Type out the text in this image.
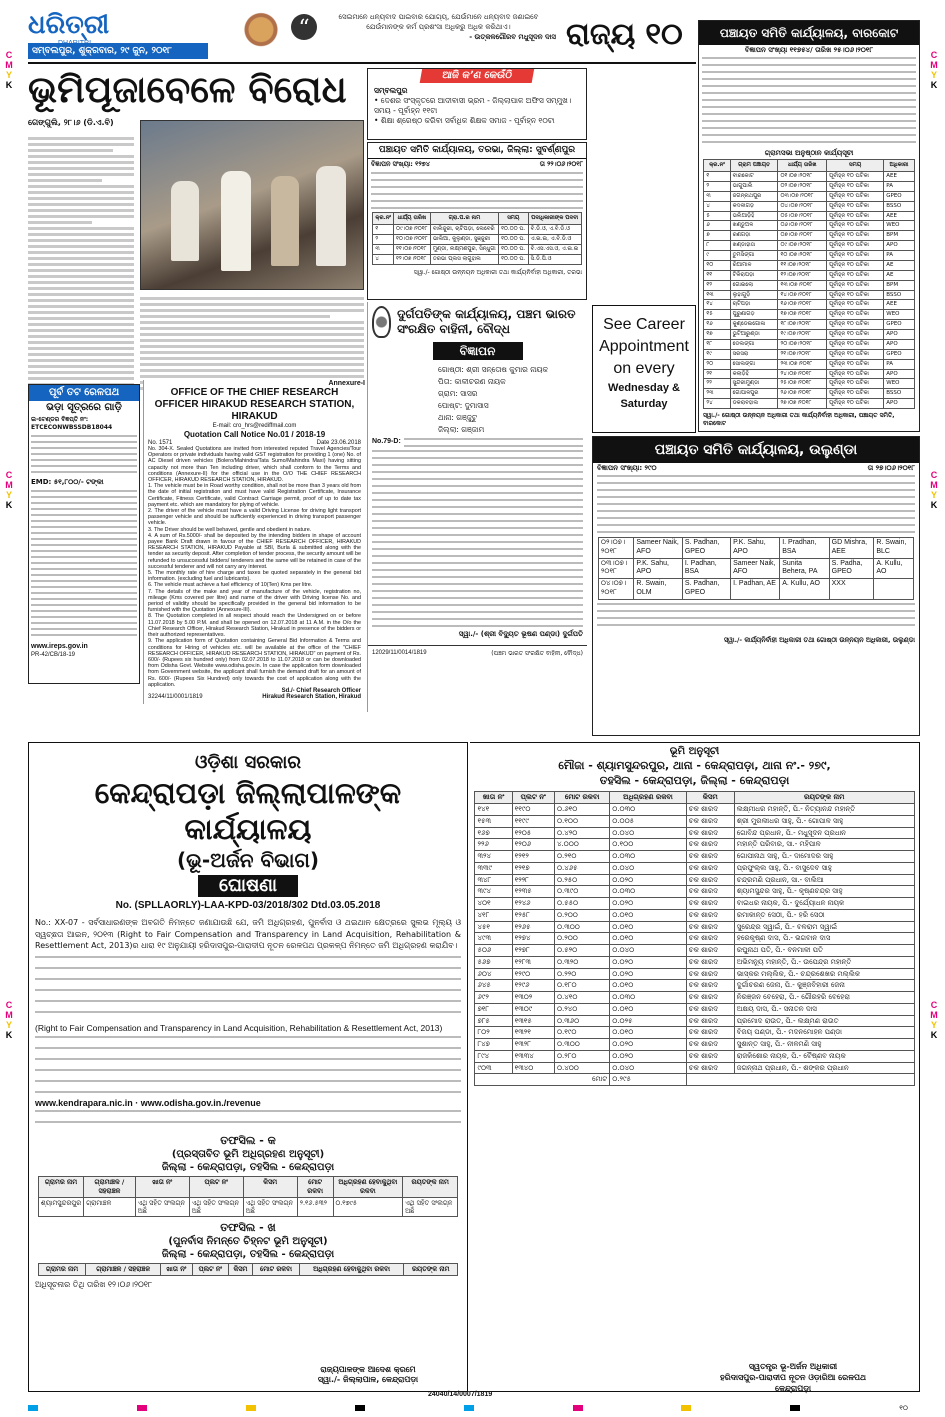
C
M
Y
K
C
M
Y
K
C
M
Y
K
C
M
Y
K
C
M
Y
K
C
M
Y
K
ଧରିତ୍ରୀ	“	ସେଇମାନେ ଧନ୍ୟବାଦ ପାଇବାର ଯୋଗ୍ୟ, ଯେଉଁମାନେ ଧନ୍ୟବାଦ ଜଣାଇବେ ଯେଉଁମାନଙ୍କ କର୍ମ ପ୍ରଶଂସା ଅଧିକରୁ ଅଧିକ କରିଥାଏ।
- ଉତ୍କଳଗୌରବ ମଧୁସୂଦନ ଦାସ ରାଜ୍ୟ ୧୦
ସମ୍ବଲପୁର, ଶୁକ୍ରବାର, ୨୯ ଜୁନ, ୨୦୧୮
ଭୂମିପୂଜାବେଳେ ବିରୋଧ
ଗେଙ୍ଗୁଲି, ୨୮।୬ (ଡି.ଏ.ବି)
ଆଜି କ’ଣ କେଉଁଠି
ସମ୍ବଲପୁର
• ଦେଶର ସଂସ୍କୃତରେ ଆଦୀବାସୀ ଭ୍ରମ - ଜିଲ୍ଲାପାଳ ଅଫିସ ସମ୍ମୁଖ। ସମୟ - ପୂର୍ବାହ୍ନ ୧୧ଟା
• ଶିକ୍ଷା ଶ୍ରେଷ୍ଠ କରିବା ସର୍ବାଧିକ ଶିକ୍ଷକ ସମାଜ - ପୂର୍ବାହ୍ନ ୧୦ଟା
ପଞ୍ଚାୟତ ସମିତି କାର୍ଯ୍ୟାଳୟ, ତରଭା, ଜିଲ୍ଲା: ସୁବର୍ଣ୍ଣପୁର
ବିଜ୍ଞାପନ ସଂଖ୍ୟା: ୧୨୭୪	ତା ୨୨।୦୬।୨୦୧୮
କ୍ର.ନଂ	ଧାର୍ଯ୍ୟ ତାରିଖ	ଗ୍ରା.ପ.ର ନାମ	ସମୟ	ପଦାଧିକାରୀଙ୍କ ପଦବୀ
୧	୦୯।୦୭।୨୦୧୮	ବାଲିଜୁରୀ, ଚାଟିପଡ଼ା, ଲେବେରି	୧୦.୦୦ ଘ.	ବି.ଡି.ଓ, ଏ.ବି.ଡି.ଓ
୨	୧୦।୦୭।୨୦୧୮	ଭାଲିଆ, କୁଲୁଣ୍ଡା, ସୁଞ୍ଜୁରୀ	୧୦.୦୦ ଘ.	ଏ.ଇ.ଇ, ଏ.ବି.ଡି.ଓ
୩	୧୧।୦୭।୨୦୧୮	ମୁଣ୍ଡୀ, ଲକ୍ଷ୍ମଣପୁର, ସିନ୍ଧୁଗୀ	୧୦.୦୦ ଘ.	ବି.ଏସ.ଏସ.ଓ, ଏ.ଇ.ଇ
୪	୧୨।୦୭।୨୦୧୮	ତରଭା ପ୍ଲସ ଲାଗୁହାଲ	୧୦.୦୦ ଘ.	ସି.ଡି.ପି.ଓ
ସ୍ୱା./- ଗୋଷ୍ଠୀ ଉନ୍ନୟନ ଅଧିକାରୀ ତଥା କାର୍ଯ୍ୟନିର୍ବାହୀ ଅଧିକାରୀ, ତରଭା
ପଞ୍ଚାୟତ ସମିତି କାର୍ଯ୍ୟାଳୟ, ବାରକୋଟ
ବିଜ୍ଞାପନ ସଂଖ୍ୟା ୧୧୭୫୪/ ତାରିଖ ୨୫।୦୬।୨୦୧୮
ଗ୍ରାମସଭା ଅନୁଷ୍ଠାନ କାର୍ଯ୍ୟସୂଚୀ
କ୍ର.ନଂ	ଗ୍ରାମ ପଞ୍ଚାୟତ	ଧାର୍ଯ୍ୟ ତାରିଖ	ସମୟ	ଅଧିକାରୀ
୧	ବାରକୋଟ	୦୧।୦୭।୨୦୧୮	ପୂର୍ବାହ୍ନ ୧୦ ଘଟିକା	AEE
୨	ଭାଗୁପାଲି	୦୨।୦୭।୨୦୧୮	ପୂର୍ବାହ୍ନ ୧୦ ଘଟିକା	PA
୩	ଜଗନ୍ନାଥପୁର	୦୩।୦୭।୨୦୧୮	ପୂର୍ବାହ୍ନ ୧୦ ଘଟିକା	GPEO
୪	କଦଳୀଗଡ଼	୦୪।୦୭।୨୦୧୮	ପୂର୍ବାହ୍ନ ୧୦ ଘଟିକା	BSSO
୫	ଭଲିଆଡ଼ିହି	୦୫।୦୭।୨୦୧୮	ପୂର୍ବାହ୍ନ ୧୦ ଘଟିକା	AEE
୬	ଖଣ୍ଡୁଅଳ	୦୬।୦୭।୨୦୧୮	ପୂର୍ବାହ୍ନ ୧୦ ଘଟିକା	WEO
୭	ରଣଗଡ଼ା	୦୭।୦୭।୨୦୧୮	ପୂର୍ବାହ୍ନ ୧୦ ଘଟିକା	BPM
୮	ଖଣ୍ଡାହାତା	୦୯।୦୭।୨୦୧୮	ପୂର୍ବାହ୍ନ ୧୦ ଘଟିକା	APO
୯	ତୁମସିଙ୍ଗା	୧୦।୦୭।୨୦୧୮	ପୂର୍ବାହ୍ନ ୧୦ ଘଟିକା	PA
୧୦	ରିଆମାଳ	୧୧।୦୭।୨୦୧୮	ପୂର୍ବାହ୍ନ ୧୦ ଘଟିକା	AE
୧୧	ଟିକିରାପଡ଼ା	୧୨।୦୭।୨୦୧୮	ପୂର୍ବାହ୍ନ ୧୦ ଘଟିକା	AE
୧୨	ଗୋଇଲୋ	୧୩।୦୭।୨୦୧୮	ପୂର୍ବାହ୍ନ ୧୦ ଘଟିକା	BPM
୧୩	ଲୁହାଗୁଡ଼ି	୧୪।୦୭।୨୦୧୮	ପୂର୍ବାହ୍ନ ୧୦ ଘଟିକା	BSSO
୧୪	ଚାଟିପଡ଼ା	୧୬।୦୭।୨୦୧୮	ପୂର୍ବାହ୍ନ ୧୦ ଘଟିକା	AEE
୧୫	ପୁରୁଣାଗଡ଼	୧୭।୦୭।୨୦୧୮	ପୂର୍ବାହ୍ନ ୧୦ ଘଟିକା	WEO
୧୬	କୁଣ୍ଡେଇଗୋଳା	୧୮।୦୭।୨୦୧୮	ପୂର୍ବାହ୍ନ ୧୦ ଘଟିକା	GPEO
୧୭	ଭୁଟିଆରୁଣ୍ଡା	୧୯।୦୭।୨୦୧୮	ପୂର୍ବାହ୍ନ ୧୦ ଘଟିକା	APO
୧୮	ଡେଲଙ୍ଗା	୨୦।୦୭।୨୦୧୮	ପୂର୍ବାହ୍ନ ୧୦ ଘଟିକା	APO
୧୯	ସରସରା	୨୧।୦୭।୨୦୧୮	ପୂର୍ବାହ୍ନ ୧୦ ଘଟିକା	GPEO
୨୦	ସୋଲଙ୍ଗା	୨୩।୦୭।୨୦୧୮	ପୂର୍ବାହ୍ନ ୧୦ ଘଟିକା	PA
୨୧	କଲାଡ଼ିହି	୨୪।୦୭।୨୦୧୮	ପୂର୍ବାହ୍ନ ୧୦ ଘଟିକା	APO
୨୨	ସୁନ୍ଦରୀମୁଣ୍ଡା	୨୫।୦୭।୨୦୧୮	ପୂର୍ବାହ୍ନ ୧୦ ଘଟିକା	WEO
୨୩	ଗୋପାଳପୁର	୨୬।୦୭।୨୦୧୮	ପୂର୍ବାହ୍ନ ୧୦ ଘଟିକା	BSSO
୨୪	ଡକରାବହାଲ	୨୭।୦୭।୨୦୧୮	ପୂର୍ବାହ୍ନ ୧୦ ଘଟିକା	APO
ସ୍ୱା./- ଗୋଷ୍ଠୀ ଉନ୍ନୟନ ଅଧିକାରୀ ତଥା କାର୍ଯ୍ୟନିର୍ବାହୀ ଅଧିକାରୀ, ପଞ୍ଚାୟତ ସମିତି, ବାରକୋଟ
ପୂର୍ବ ତଟ ରେଳପଥ
ଭଡ଼ା ସୂତ୍ରରେ ଗାଡ଼ି
ଇ-ଟେଣ୍ଡର ବିଜ୍ଞପ୍ତି ନଂ: ETCECONWBSSDB18044
EMD: ୫୧,୮୦୦/- ଟଙ୍କା
www.ireps.gov.in
PR-42/CB/18-19
Annexure-I
OFFICE OF THE CHIEF RESEARCH OFFICER HIRAKUD RESEARCH STATION, HIRAKUD
E-mail: cro_hrs@rediffmail.com
Quotation Call Notice No.01 / 2018-19
No. 1571	Date 23.06.2018
No. 304-X. Sealed Quotations are invited from interested reputed Travel Agencies/Tour Operators or private individuals having valid GST registration for providing 1 (one) No. of AC Diesel driven vehicles (Bolero/Mahindra/Tata Sumo/Mahindra Maxi) having sitting capacity not more than Ten including driver, which shall conform to the Terms and conditions (Annexure-II) for the official use in the O/O THE CHIEF RESEARCH OFFICER, HIRAKUD RESEARCH STATION, HIRAKUD.
1. The vehicle must be in Road worthy condition, shall not be more than 3 years old from the date of initial registration and must have valid Registration Certificate, Insurance Certificate, Fitness Certificate, valid Contract Carriage permit, proof of up to date tax payment etc. which are mandatory for plying of vehicle.
2. The driver of the vehicle must have a valid Driving License for driving light transport passenger vehicle and should be sufficiently experienced in driving transport passenger vehicle.
3. The Driver should be well behaved, gentle and obedient in nature.
4. A sum of Rs.5000/- shall be deposited by the intending bidders in shape of account payee Bank Draft drawn in favour of the CHIEF RESEARCH OFFICER, HIRAKUD RESEARCH STATION, HIRAKUD Payable at SBI, Burla & submitted along with the tender as security deposit. After completion of tender process, the security amount will be refunded to unsuccessful bidders/ tenderers and the same will be retained in case of the successful tenderer and will not carry any interest.
5. The monthly rate of hire charge and taxes be quoted separately in the general bid information. (excluding fuel and lubricants).
6. The vehicle must achieve a fuel efficiency of 10(Ten) Kms per litre.
7. The details of the make and year of manufacture of the vehicle, registration no, mileage (Kms covered per litre) and name of the driver with Driving license No. and period of validity should be specifically provided in the general bid information to be furnished with the Quotation (Annexure-III).
8. The Quotation completed in all respect should reach the Undersigned on or before 11.07.2018 by 5.00 P.M. and shall be opened on 12.07.2018 at 11 A.M. in the O/o the Chief Research Officer, Hirakud Research Station, Hirakud in presence of the bidders or their authorized representatives.
9. The application form of Quotation containing General Bid Information & Terms and conditions for Hiring of vehicles etc. will be available at the office of the "CHIEF RESEARCH OFFICER, HIRAKUD RESEARCH STATION, HIRAKUD" on payment of Rs. 600/- (Rupees six hundred only) from 02.07.2018 to 11.07.2018 or can be downloaded from Odisha Govt. Website www.odisha.gov.in. In case the application form downloaded from Government website, the applicant shall furnish the demand draft for an amount of Rs. 600/- (Rupees Six Hundred) only towards the cost of application along with the application.
Sd./- Chief Research Officer
32244/11/0001/1819	Hirakud Research Station, Hirakud
ଦୁର୍ଗପତିଙ୍କ କାର୍ଯ୍ୟାଳୟ, ପଞ୍ଚମ ଭାରତ ସଂରକ୍ଷିତ ବାହିନୀ, ବୌଦ୍ଧ
ବିଜ୍ଞାପନ
ଗୋଷ୍ଠୀ: ଶ୍ରୀ ସନ୍ତୋଷ କୁମାର ନାୟକ
ପିତା: କାଳୀଚରଣ ନାୟକ
ଗ୍ରାମ: ସାସର
ପୋଷ୍ଟ: ଦୁମାସାସ
ଥାନା: ଗଞ୍ଜୁଟୁ
ଜିଲ୍ଲା: ଗଞ୍ଜାମ
No.79-D:
ସ୍ୱା./- (ଶ୍ରୀ ବିଦ୍ୟୁତ ଭୂଷଣ ପଣ୍ଡା) ଦୁର୍ଗପତି
12029/11/0014/1819	(ପଞ୍ଚମ ଭାରତ ସଂରକ୍ଷିତ ବାହିନୀ, ବୌଦ୍ଧ)
See Career
Appointment
on every
Wednesday & Saturday
ପଞ୍ଚାୟତ ସମିତି କାର୍ଯ୍ୟାଳୟ, ଉଲୁଣ୍ଡା
ବିଜ୍ଞାପନ ସଂଖ୍ୟା: ୨୯୦	ତା ୨୭।୦୬।୨୦୧୮
୦୨।୦୭।୨୦୧୮	Sameer Naik, AFO	S. Padhan, GPEO	P.K. Sahu, APO	I. Pradhan, BSA	GD Mishra, AEE	R. Swain, BLC
୦୩।୦୭।୨୦୧୮	P.K. Sahu, APO	I. Padhan, BSA	Sameer Naik, AFO	Sunita Behera, PA	S. Padha, GPEO	A. Kullu, AO
୦୪।୦୭।୨୦୧୮	R. Swain, OLM	S. Padhan, GPEO	I. Padhan, AE	A. Kullu, AO	XXX	
ସ୍ୱା./- କାର୍ଯ୍ୟନିର୍ବାହୀ ଅଧିକାରୀ ତଥା ଗୋଷ୍ଠୀ ଉନ୍ନୟନ ଅଧିକାରୀ, ଉଲୁଣ୍ଡା
ଓଡ଼ିଶା ସରକାର
କେନ୍ଦ୍ରାପଡ଼ା ଜିଲ୍ଲାପାଳଙ୍କ କାର୍ଯ୍ୟାଳୟ
(ଭୂ-ଅର୍ଜନ ବିଭାଗ)
ଘୋଷଣା
No. (SPLLAORLY)-LAA-KPD-03/2018/302 Dtd.03.05.2018
No.: XX-07 - ସର୍ବସାଧାରଣଙ୍କ ଅବଗତି ନିମନ୍ତେ ଜଣାଯାଉଛି ଯେ, ଜମି ଅଧିଗ୍ରହଣ, ପୁନର୍ବାସ ଓ ଥଇଥାନ କ୍ଷେତ୍ରରେ ସୁଲଭ ମୂଲ୍ୟ ଓ ସ୍ୱଚ୍ଛତା ଆଇନ, ୨୦୧୩ (Right to Fair Compensation and Transparency in Land Acquisition, Rehabilitation & Resettlement Act, 2013)ର ଧାରା ୧୯ ଅନୁଯାୟୀ ହରିଦାସପୁର-ପାରାଦୀପ ନୂତନ ରେଳପଥ ପ୍ରକଳ୍ପ ନିମନ୍ତେ ଜମି ଅଧିଗ୍ରହଣ କରାଯିବ।
(Right to Fair Compensation and Transparency in Land Acquisition, Rehabilitation & Resettlement Act, 2013)
www.kendrapara.nic.in · www.odisha.gov.in./revenue
ତଫସିଲ - କ
(ପ୍ରସ୍ତାବିତ ଭୂମି ଅଧିଗ୍ରହଣ ଅନୁସୂଚୀ)
ଜିଲ୍ଲା - କେନ୍ଦ୍ରାପଡ଼ା, ତହସିଲ - କେନ୍ଦ୍ରାପଡ଼ା
ଗ୍ରାମର ନାମ	ଗ୍ରାମାଞ୍ଚଳ / ସହରାଞ୍ଚଳ	ଖାତା ନଂ	ପ୍ଲଟ ନଂ	କିସମ	ମୋଟ ରକବା	ଅଧିଗ୍ରହଣ ହେବାକୁଥିବା ରକବା	ରୟତଙ୍କ ନାମ
ଶ୍ୟାମସୁନ୍ଦରପୁର	ଗ୍ରାମାଞ୍ଚଳ	ଏଥି ସହିତ ସଂଲଗ୍ନ ଅଛି	ଏଥି ସହିତ ସଂଲଗ୍ନ ଅଛି	ଏଥି ସହିତ ସଂଲଗ୍ନ ଅଛି	୨.୧୬.୫୩୨	୦.୧୭୯୫	ଏଥି ସହିତ ସଂଲଗ୍ନ ଅଛି
ତଫସିଲ - ଖ
(ପୁନର୍ବାସ ନିମନ୍ତେ ଚିହ୍ନଟ ଭୂମି ଅନୁସୂଚୀ)
ଜିଲ୍ଲା - କେନ୍ଦ୍ରାପଡ଼ା, ତହସିଲ - କେନ୍ଦ୍ରାପଡ଼ା
ଗ୍ରାମର ନାମ	ଗ୍ରାମାଞ୍ଚଳ / ସହରାଞ୍ଚଳ	ଖାତା ନଂ	ପ୍ଲଟ ନଂ	କିସମ	ମୋଟ ରକବା	ଅଧିଗ୍ରହଣ ହେବାକୁଥିବା ରକବା	ରୟତଙ୍କ ନାମ
ଅଧିସୂଚନାର ତିଥି ତାରିଖ ୧୨।୦୬।୨୦୧୮
ଭୂମି ଅନୁସୂଚୀ
ମୌଜା - ଶ୍ୟାମସୁନ୍ଦରପୁର, ଥାନା - କେନ୍ଦ୍ରାପଡ଼ା, ଥାନା ନଂ.- ୨୭୯,
ତହସିଲ - କେନ୍ଦ୍ରାପଡ଼ା, ଜିଲ୍ଲା - କେନ୍ଦ୍ରାପଡ଼ା
ଖାତା ନଂ	ପ୍ଲଟ ନଂ	ମୋଟ ରକବା	ଅଧିଗ୍ରହଣ ରକବା	କିସମ	ରୟତଙ୍କ ନାମ
୧୪୧	୧୧୯୦	୦.୬୧୦	୦.୦୩୦	ଚକ ଶାରଦ	ଲକ୍ଷ୍ମୀଧର ମହାନ୍ତି, ପି.- ନିତ୍ୟାନନ୍ଦ ମହାନ୍ତି
୧୫୩	୧୧୯୯	୦.୧୦୦	୦.୦୦୫	ଚକ ଶାରଦ	ଶ୍ରୀ ମୁରଲୀଧର ସାହୁ, ପି.- ଗୋପାଳ ସାହୁ
୧୬୭	୧୨୦୫	୦.୪୨୦	୦.୦୪୦	ଚକ ଶାରଦ	ଗୋବିନ୍ଦ ପ୍ରଧାନ, ପି.- ମଧୁସୂଦନ ପ୍ରଧାନ
୨୨୬	୧୨୦୬	୪.୦୦୦	୦.୧୦୦	ଚକ ଶାରଦ	ମହାନ୍ତି ପରିବାର, ସା.- ମହିପାଳ
୩୨୪	୧୨୧୨	୦.୨୧୦	୦.୦୩୦	ଚକ ଶାରଦ	ଗୋପୀନାଥ ସାହୁ, ପି.- ଦାମୋଦର ସାହୁ
୩୩୯	୧୨୧୭	୦.୪୬୫	୦.୦୪୦	ଚକ ଶାରଦ	ପ୍ରଫୁଲ୍ଲ ସାହୁ, ପି.- ବାସୁଦେବ ସାହୁ
୩୪୮	୧୨୨୮	୦.୨୫୦	୦.୦୨୦	ଚକ ଶାରଦ	ଚନ୍ଦ୍ରମଣି ପ୍ରଧାନ, ସା.- ବାଲିଆ
୩୯୪	୧୨୩୫	୦.୩୯୦	୦.୦୩୦	ଚକ ଶାରଦ	ଶ୍ୟାମସୁନ୍ଦର ସାହୁ, ପି.- କୃଷ୍ଣଚନ୍ଦ୍ର ସାହୁ
୪୦୧	୧୨୪୬	୦.୫୫୦	୦.୦୨୦	ଚକ ଶାରଦ	ବାଇଧର ନାୟକ, ପି.- ଦୁର୍ଯ୍ୟୋଧନ ନାୟକ
୪୧୮	୧୨୫୮	୦.୨୦୦	୦.୦୧୦	ଚକ ଶାରଦ	ରମାକାନ୍ତ ସେଠୀ, ପି.- ହରି ସେଠୀ
୪୫୧	୧୨୬୫	୦.୩୦୦	୦.୦୧୦	ଚକ ଶାରଦ	ସୁରେନ୍ଦ୍ର ସ୍ୱାଇଁ, ପି.- ବଳରାମ ସ୍ୱାଇଁ
୪୯୩	୧୨୭୪	୦.୨୦୦	୦.୦୧୦	ଚକ ଶାରଦ	ହରେକୃଷ୍ଣ ଦାସ, ପି.- ଭଗବାନ ଦାସ
୫୦୬	୧୨୭୮	୦.୫୨୦	୦.୦୪୦	ଚକ ଶାରଦ	ରଘୁନାଥ ପତି, ପି.- ବନମାଳୀ ପତି
୫୬୭	୧୨୮୩	୦.୩୨୦	୦.୦୨୦	ଚକ ଶାରଦ	ଅଭିମନ୍ୟୁ ମହାନ୍ତି, ପି.- ଉପେନ୍ଦ୍ର ମହାନ୍ତି
୬୦୪	୧୨୯୦	୦.୨୨୦	୦.୦୨୦	ଚକ ଶାରଦ	ଭାସ୍କର ମଲ୍ଲିକ, ପି.- ଚନ୍ଦ୍ରଶେଖର ମଲ୍ଲିକ
୬୪୫	୧୨୯୬	୦.୧୮୦	୦.୦୧୦	ଚକ ଶାରଦ	ଦୁର୍ଗାଚରଣ ଜେନା, ପି.- କୁଞ୍ଜବିହାରୀ ଜେନା
୬୯୨	୧୩୦୨	୦.୪୧୦	୦.୦୩୦	ଚକ ଶାରଦ	ନିରଞ୍ଜନ ବେହେରା, ପି.- ଗୌରହରି ବେହେରା
୭୧୮	୧୩୦୯	୦.୨୪୦	୦.୦୧୦	ଚକ ଶାରଦ	ଅକ୍ଷୟ ଦାସ, ପି.- ସନାତନ ଦାସ
୭୮୫	୧୩୧୫	୦.୩୬୦	୦.୦୨୫	ଚକ ଶାରଦ	ପ୍ରମୋଦ ରାଉତ, ପି.- ଲକ୍ଷ୍ମଣ ରାଉତ
୮୦୨	୧୩୨୧	୦.୧୯୦	୦.୦୧୦	ଚକ ଶାରଦ	ବିଜୟ ପଣ୍ଡା, ପି.- ମଦନମୋହନ ପଣ୍ଡା
୮୪୭	୧୩୨୮	୦.୩୦୦	୦.୦୨୦	ଚକ ଶାରଦ	ସୁଶାନ୍ତ ସାହୁ, ପି.- ନୀଳମଣି ସାହୁ
୮୯୪	୧୩୩୪	୦.୨୮୦	୦.୦୨୦	ଚକ ଶାରଦ	ରାଜକିଶୋର ନାୟକ, ପି.- ବୈଷ୍ଣବ ନାୟକ
୯୦୩	୧୩୪୦	୦.୪୦୦	୦.୦୪୦	ଚକ ଶାରଦ	ଜଗନ୍ନାଥ ପ୍ରଧାନ, ପି.- ଶଙ୍କର ପ୍ରଧାନ
ମୋଟ			୦.୨୯୫		
ରାଜ୍ୟପାଳଙ୍କ ଆଦେଶ କ୍ରମେ
ସ୍ୱା./- ଜିଲ୍ଲାପାଳ, କେନ୍ଦ୍ରାପଡ଼ା
ସ୍ୱତନ୍ତ୍ର ଭୂ-ଅର୍ଜନ ଅଧିକାରୀ
ହରିଦାସପୁର-ପାରାଦୀପ ନୂତନ ଓଡ଼ାରିଆ ରେଳପଥ
କେନ୍ଦ୍ରାପଡ଼ା
24040/14/0007/1819
୧୦
